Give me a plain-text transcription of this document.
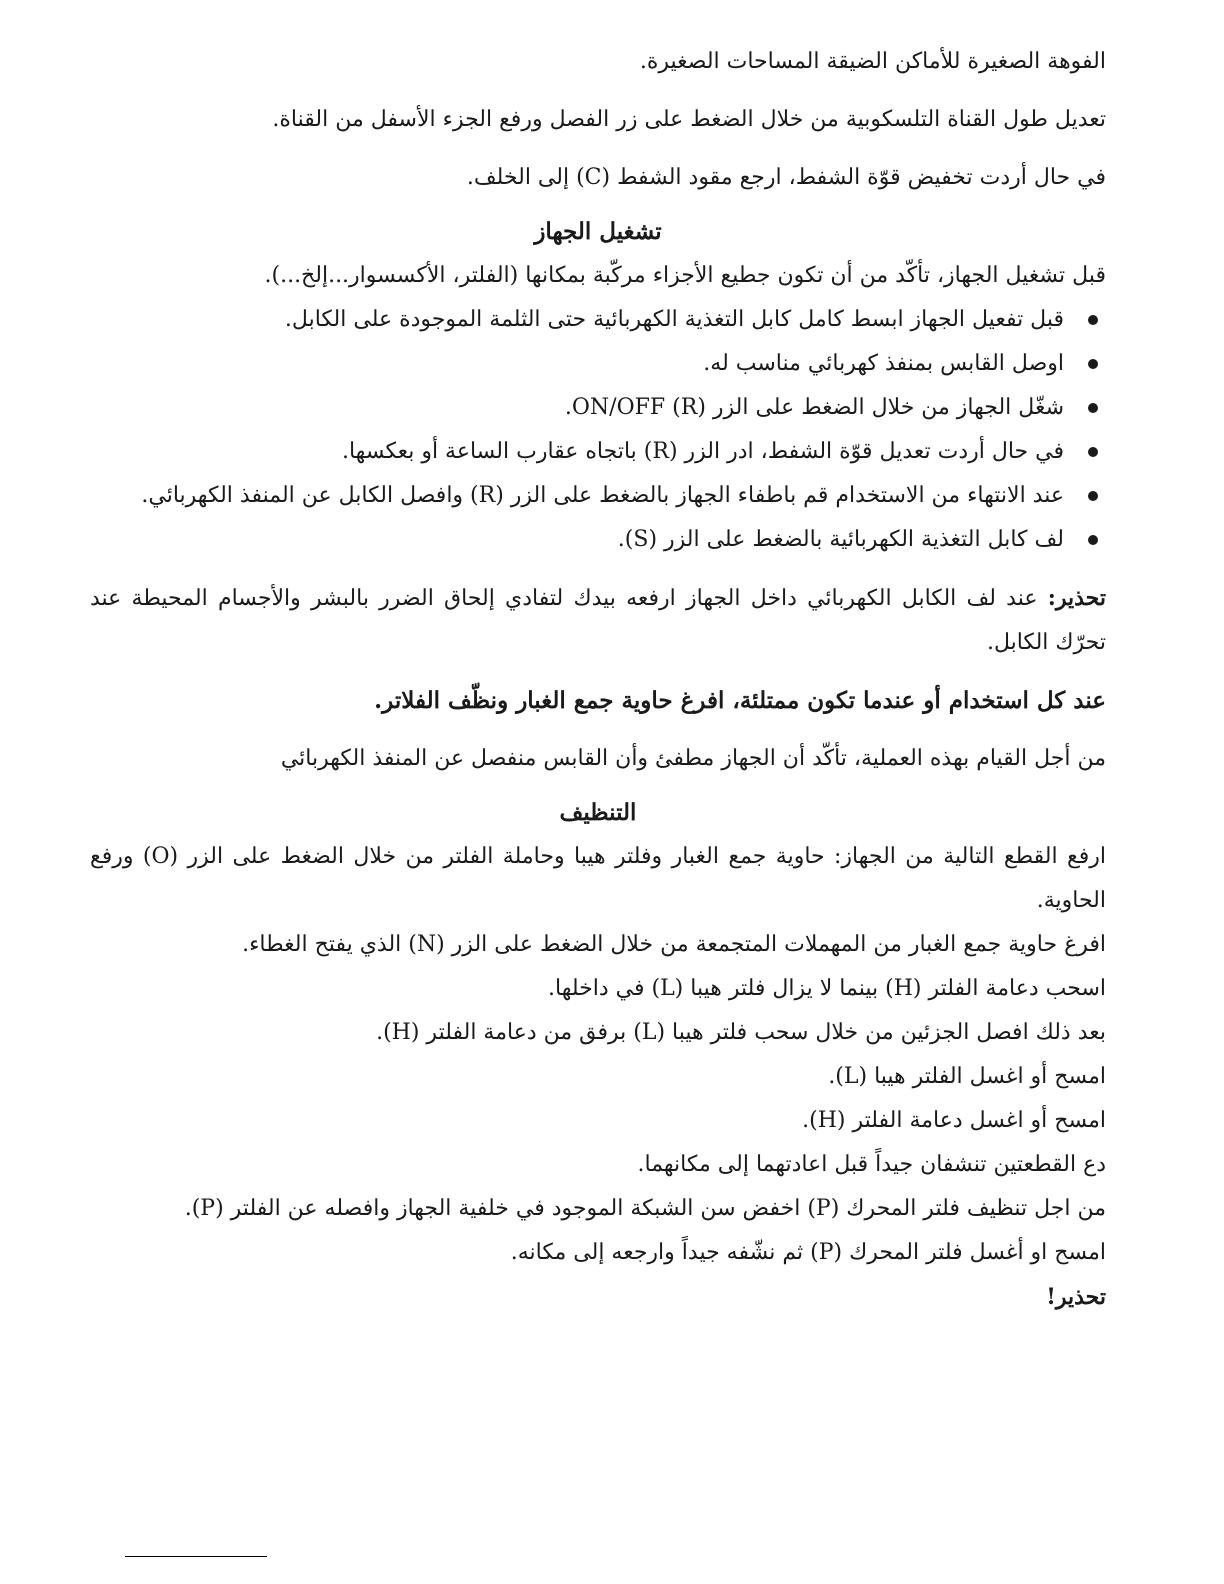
الفوهة الصغيرة للأماكن الضيقة المساحات الصغيرة.

تعديل طول القناة التلسكوبية من خلال الضغط على زر الفصل ورفع الجزء الأسفل من القناة.

في حال أردت تخفيض قوّة الشفط، ارجع مقود الشفط (C) إلى الخلف.

تشغيل الجهاز

قبل تشغيل الجهاز، تأكّد من أن تكون جطيع الأجزاء مركّبة بمكانها (الفلتر، الأكسسوار...إلخ...).

قبل تفعيل الجهاز ابسط كامل كابل التغذية الكهربائية حتى الثلمة الموجودة على الكابل.
اوصل القابس بمنفذ كهربائي مناسب له.
شغّل الجهاز من خلال الضغط على الزر (R) ON/OFF.
في حال أردت تعديل قوّة الشفط، ادر الزر (R) باتجاه عقارب الساعة أو بعكسها.
عند الانتهاء من الاستخدام قم باطفاء الجهاز بالضغط على الزر (R) وافصل الكابل عن المنفذ الكهربائي.
لف كابل التغذية الكهربائية بالضغط على الزر (S).

تحذير: عند لف الكابل الكهربائي داخل الجهاز ارفعه بيدك لتفادي إلحاق الضرر بالبشر والأجسام المحيطة عند تحرّك الكابل.

عند كل استخدام أو عندما تكون ممتلئة، افرغ حاوية جمع الغبار ونظّف الفلاتر.

من أجل القيام بهذه العملية، تأكّد أن الجهاز مطفئ وأن القابس منفصل عن المنفذ الكهربائي

التنظيف

ارفع القطع التالية من الجهاز: حاوية جمع الغبار وفلتر هيبا وحاملة الفلتر من خلال الضغط على الزر (O) ورفع الحاوية.

افرغ حاوية جمع الغبار من المهملات المتجمعة من خلال الضغط على الزر (N) الذي يفتح الغطاء.

اسحب دعامة الفلتر (H) بينما لا يزال فلتر هيبا (L) في داخلها.

بعد ذلك افصل الجزئين من خلال سحب فلتر هيبا (L) برفق من دعامة الفلتر (H).

امسح أو اغسل الفلتر هيبا (L).

امسح أو اغسل دعامة الفلتر (H).

دع القطعتين تنشفان جيداً قبل اعادتهما إلى مكانهما.

من اجل تنظيف فلتر المحرك (P) اخفض سن الشبكة الموجود في خلفية الجهاز وافصله عن الفلتر (P).

امسح او أغسل فلتر المحرك (P) ثم نشّفه جيداً وارجعه إلى مكانه.

تحذير!
